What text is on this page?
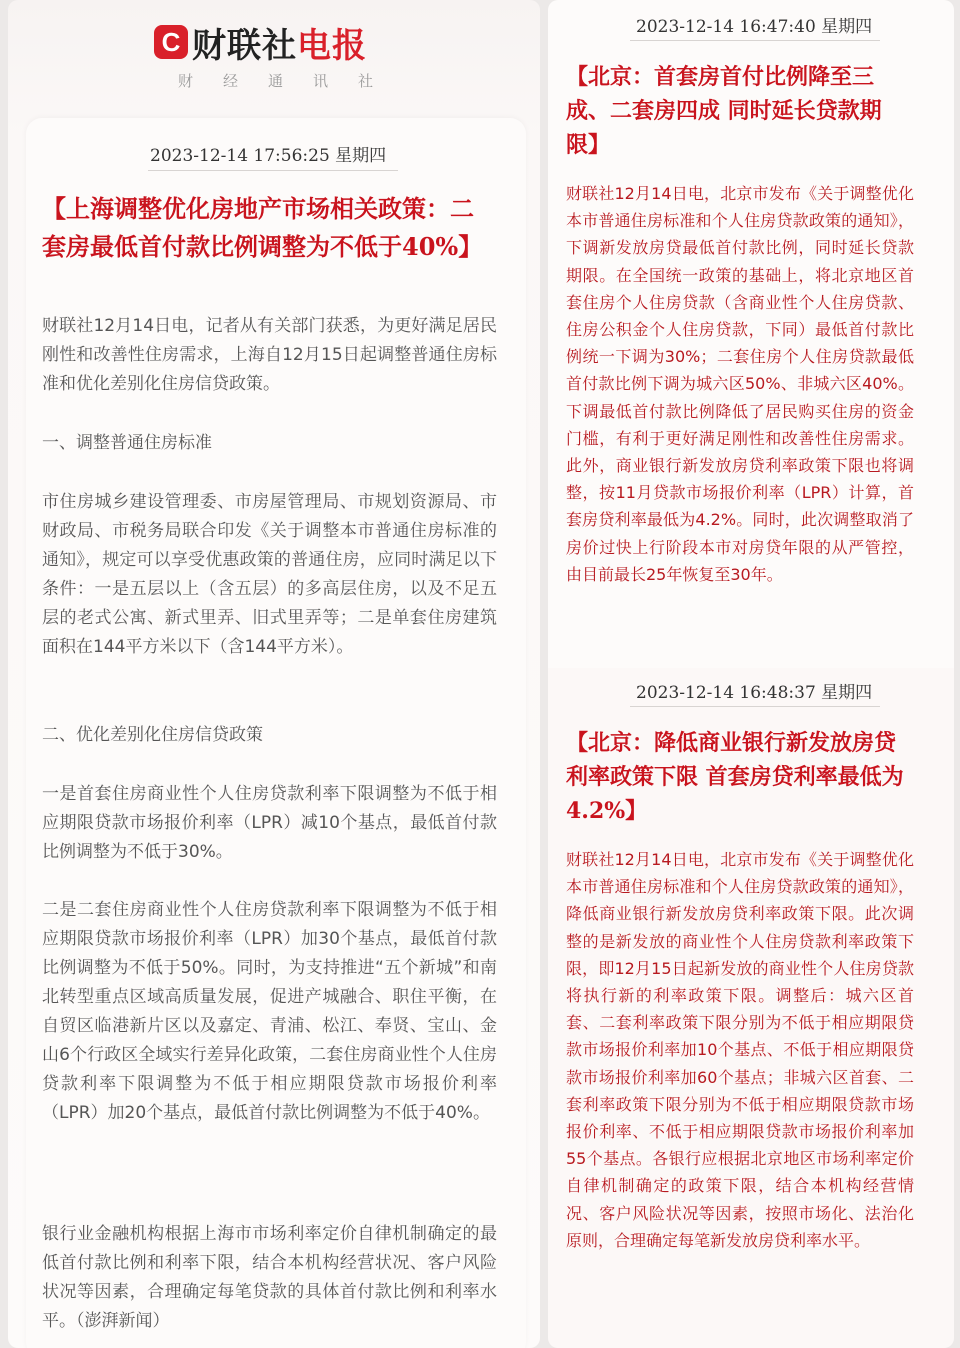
C 财联社电报
财经通讯社
2023-12-14 17:56:25 星期四
【上海调整优化房地产市场相关政策：二套房最低首付款比例调整为不低于40%】

财联社12月14日电，记者从有关部门获悉，为更好满足居民刚性和改善性住房需求，上海自12月15日起调整普通住房标准和优化差别化住房信贷政策。

一、调整普通住房标准

市住房城乡建设管理委、市房屋管理局、市规划资源局、市财政局、市税务局联合印发《关于调整本市普通住房标准的通知》，规定可以享受优惠政策的普通住房，应同时满足以下条件：一是五层以上（含五层）的多高层住房，以及不足五层的老式公寓、新式里弄、旧式里弄等；二是单套住房建筑面积在144平方米以下（含144平方米）。

二、优化差别化住房信贷政策

一是首套住房商业性个人住房贷款利率下限调整为不低于相应期限贷款市场报价利率（LPR）减10个基点，最低首付款比例调整为不低于30%。

二是二套住房商业性个人住房贷款利率下限调整为不低于相应期限贷款市场报价利率（LPR）加30个基点，最低首付款比例调整为不低于50%。同时，为支持推进“五个新城”和南北转型重点区域高质量发展，促进产城融合、职住平衡，在自贸区临港新片区以及嘉定、青浦、松江、奉贤、宝山、金山6个行政区全域实行差异化政策，二套住房商业性个人住房贷款利率下限调整为不低于相应期限贷款市场报价利率（LPR）加20个基点，最低首付款比例调整为不低于40%。

银行业金融机构根据上海市市场利率定价自律机制确定的最低首付款比例和利率下限，结合本机构经营状况、客户风险状况等因素，合理确定每笔贷款的具体首付款比例和利率水平。（澎湃新闻）

2023-12-14 16:47:40 星期四
【北京：首套房首付比例降至三成、二套房四成 同时延长贷款期限】

财联社12月14日电，北京市发布《关于调整优化本市普通住房标准和个人住房贷款政策的通知》，下调新发放房贷最低首付款比例，同时延长贷款期限。在全国统一政策的基础上，将北京地区首套住房个人住房贷款（含商业性个人住房贷款、住房公积金个人住房贷款，下同）最低首付款比例统一下调为30%；二套住房个人住房贷款最低首付款比例下调为城六区50%、非城六区40%。下调最低首付款比例降低了居民购买住房的资金门槛，有利于更好满足刚性和改善性住房需求。此外，商业银行新发放房贷利率政策下限也将调整，按11月贷款市场报价利率（LPR）计算，首套房贷利率最低为4.2%。同时，此次调整取消了房价过快上行阶段本市对房贷年限的从严管控，由目前最长25年恢复至30年。

2023-12-14 16:48:37 星期四
【北京：降低商业银行新发放房贷利率政策下限 首套房贷利率最低为4.2%】

财联社12月14日电，北京市发布《关于调整优化本市普通住房标准和个人住房贷款政策的通知》，降低商业银行新发放房贷利率政策下限。此次调整的是新发放的商业性个人住房贷款利率政策下限，即12月15日起新发放的商业性个人住房贷款将执行新的利率政策下限。调整后：城六区首套、二套利率政策下限分别为不低于相应期限贷款市场报价利率加10个基点、不低于相应期限贷款市场报价利率加60个基点；非城六区首套、二套利率政策下限分别为不低于相应期限贷款市场报价利率、不低于相应期限贷款市场报价利率加55个基点。各银行应根据北京地区市场利率定价自律机制确定的政策下限，结合本机构经营情况、客户风险状况等因素，按照市场化、法治化原则，合理确定每笔新发放房贷利率水平。
